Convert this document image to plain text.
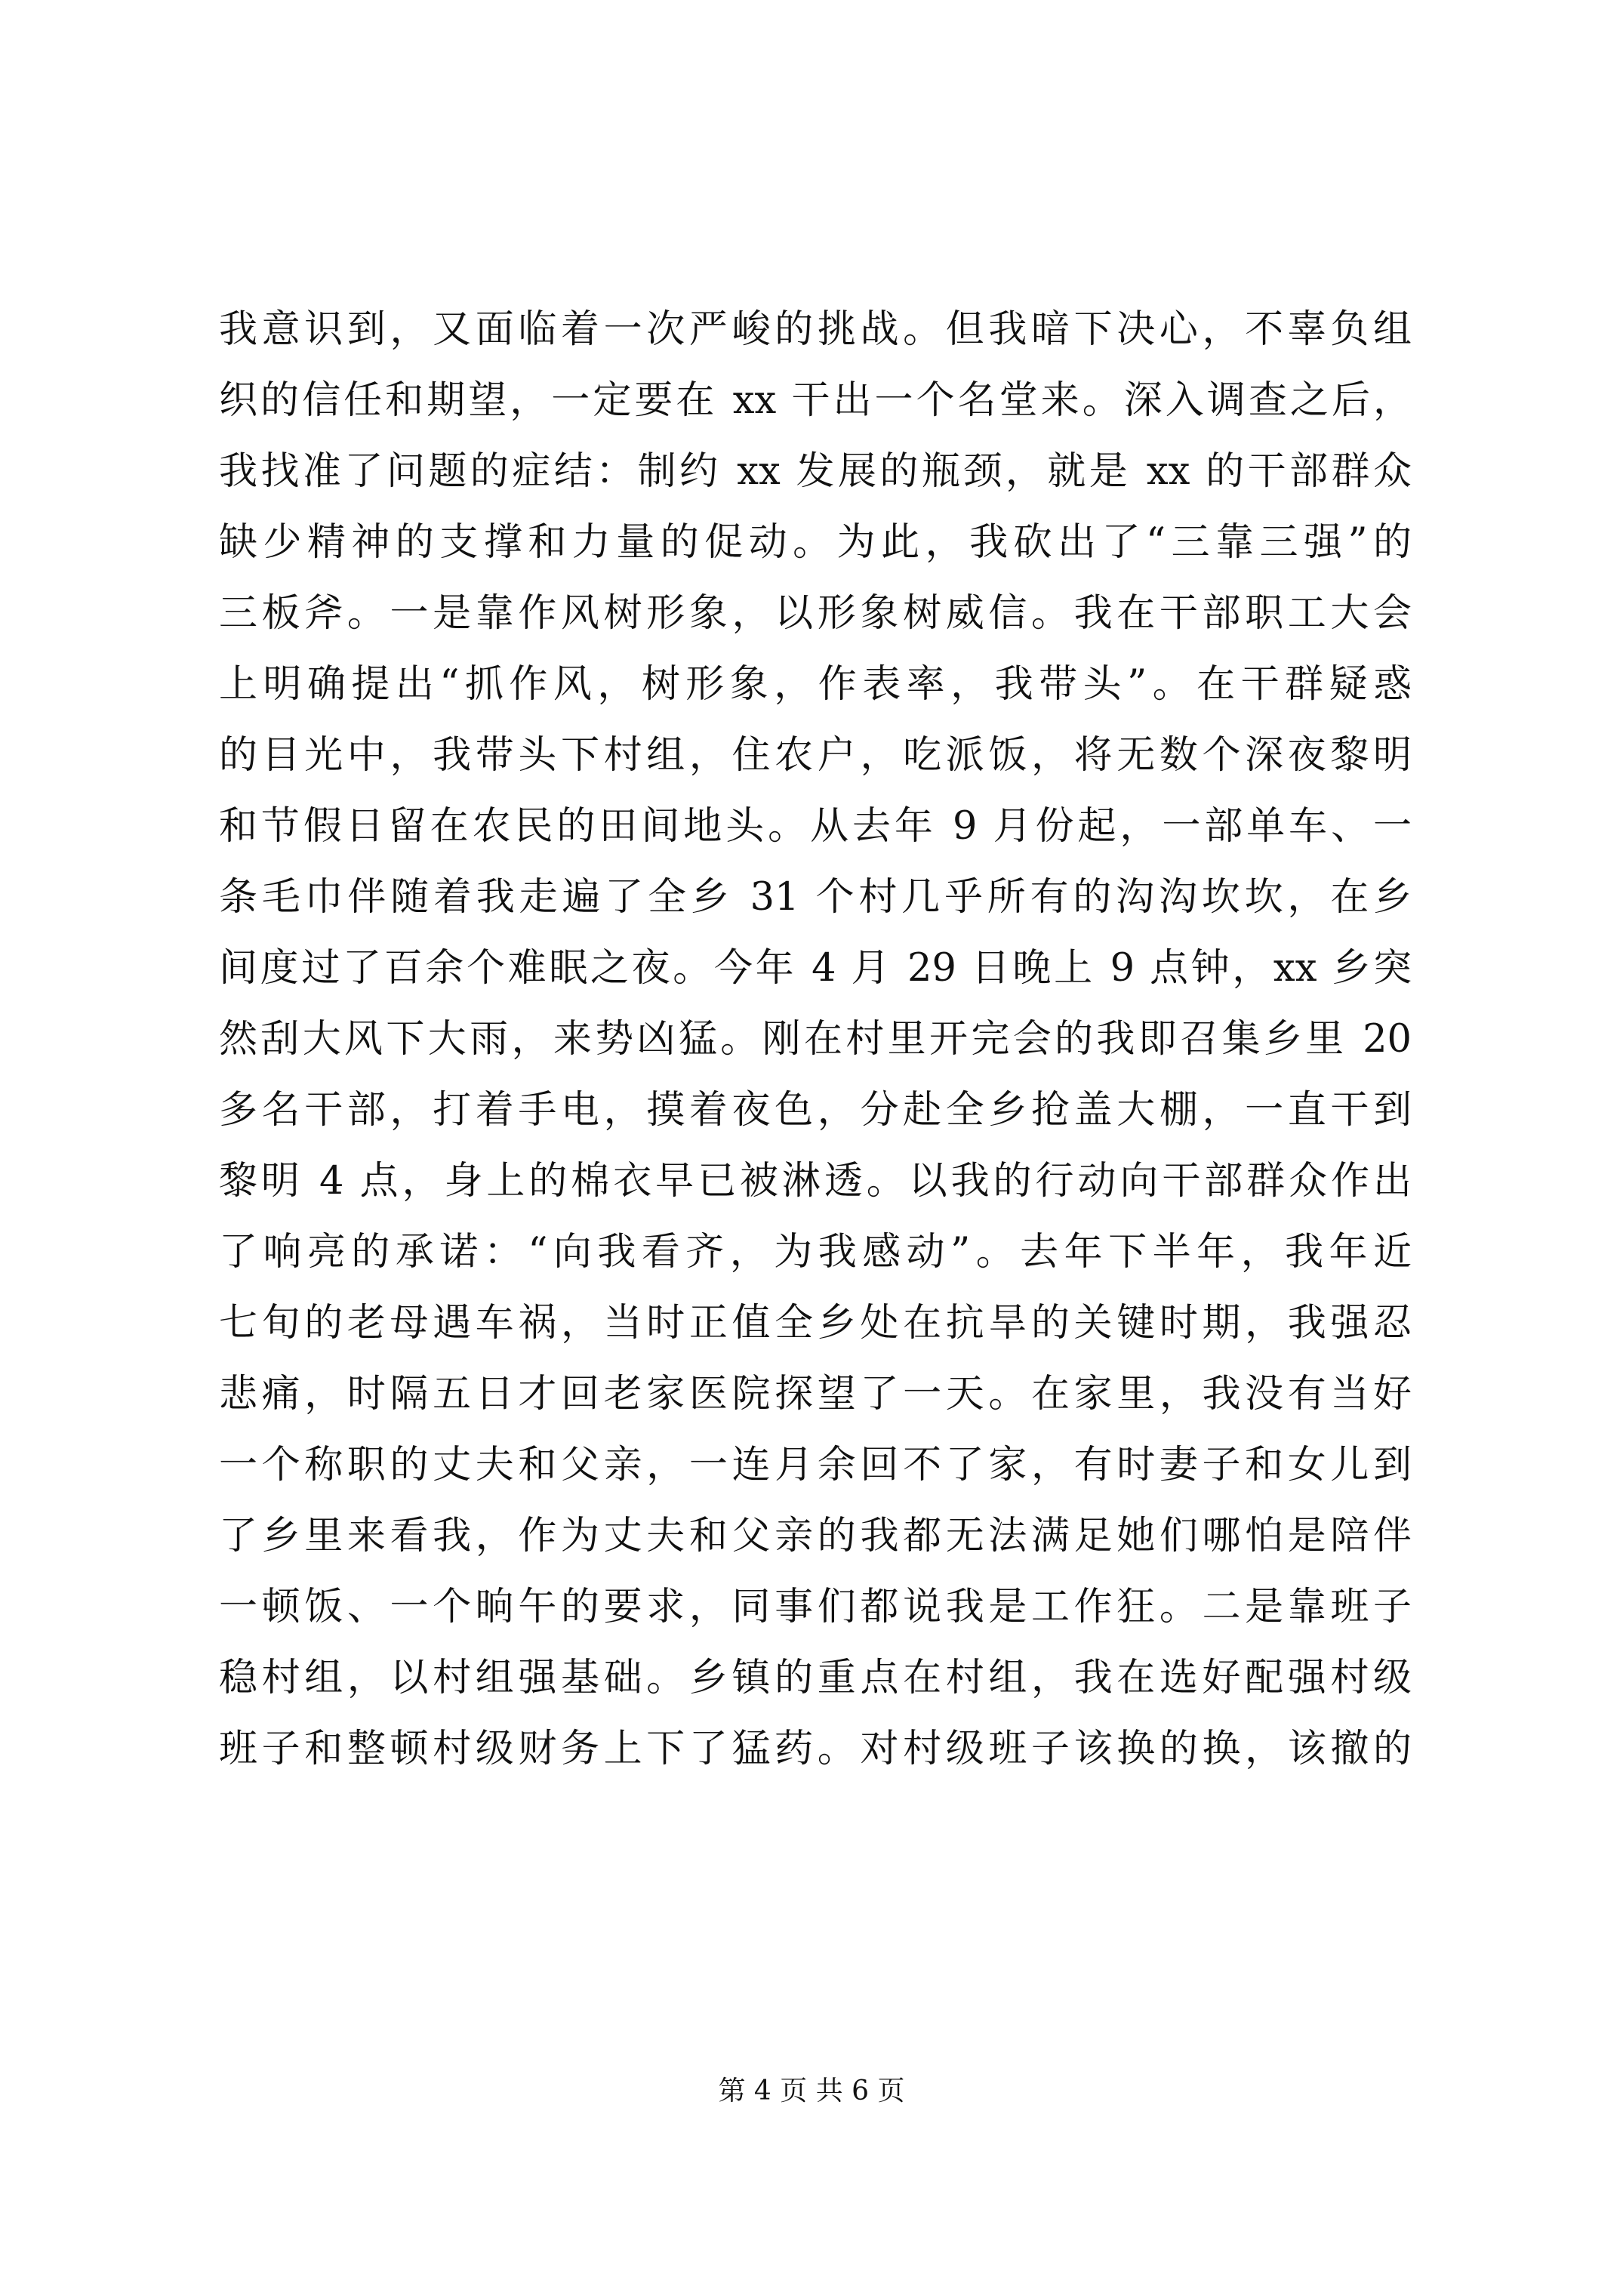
我意识到，又面临着一次严峻的挑战。但我暗下决心，不辜负组
织的信任和期望，一定要在 xx 干出一个名堂来。深入调查之后，
我找准了问题的症结：制约 xx 发展的瓶颈，就是 xx 的干部群众
缺少精神的支撑和力量的促动。为此，我砍出了“三靠三强”的
三板斧。一是靠作风树形象，以形象树威信。我在干部职工大会
上明确提出“抓作风，树形象，作表率，我带头”。在干群疑惑
的目光中，我带头下村组，住农户，吃派饭，将无数个深夜黎明
和节假日留在农民的田间地头。从去年 9 月份起，一部单车、一
条毛巾伴随着我走遍了全乡 31 个村几乎所有的沟沟坎坎，在乡
间度过了百余个难眠之夜。今年 4 月 29 日晚上 9 点钟，xx 乡突
然刮大风下大雨，来势凶猛。刚在村里开完会的我即召集乡里 20
多名干部，打着手电，摸着夜色，分赴全乡抢盖大棚，一直干到
黎明 4 点，身上的棉衣早已被淋透。以我的行动向干部群众作出
了响亮的承诺：“向我看齐，为我感动”。去年下半年，我年近
七旬的老母遇车祸，当时正值全乡处在抗旱的关键时期，我强忍
悲痛，时隔五日才回老家医院探望了一天。在家里，我没有当好
一个称职的丈夫和父亲，一连月余回不了家，有时妻子和女儿到
了乡里来看我，作为丈夫和父亲的我都无法满足她们哪怕是陪伴
一顿饭、一个晌午的要求，同事们都说我是工作狂。二是靠班子
稳村组，以村组强基础。乡镇的重点在村组，我在选好配强村级
班子和整顿村级财务上下了猛药。对村级班子该换的换，该撤的
第 4 页 共 6 页
